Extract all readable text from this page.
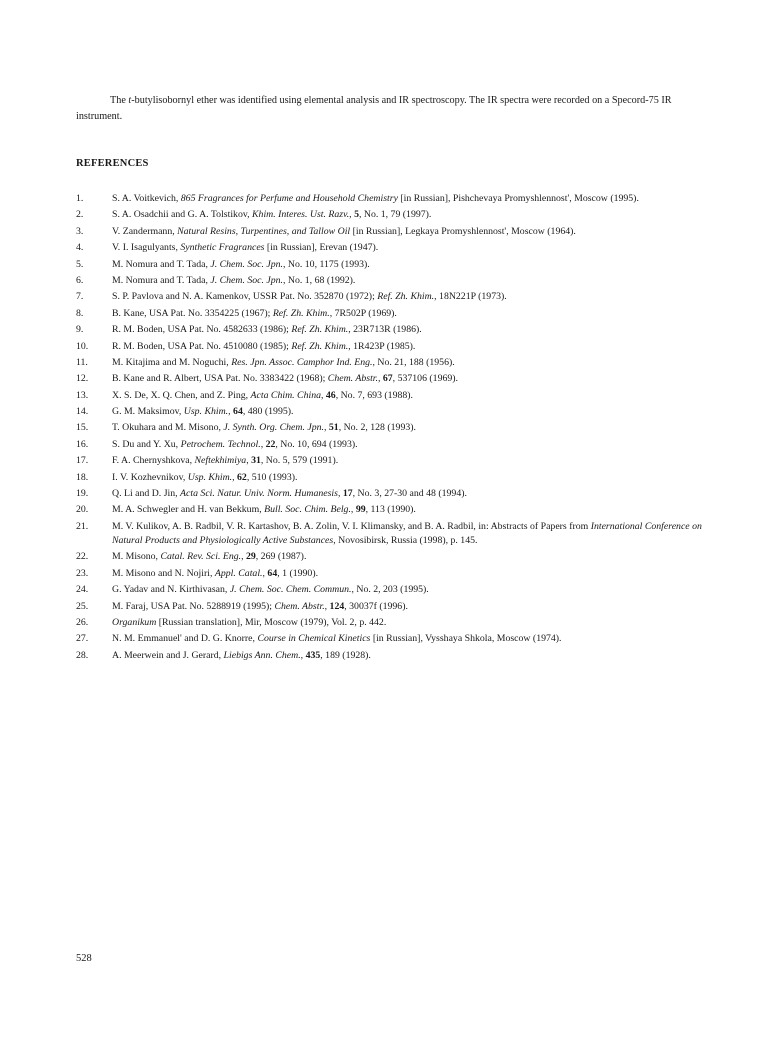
The t-butylisobornyl ether was identified using elemental analysis and IR spectroscopy. The IR spectra were recorded on a Specord-75 IR instrument.

REFERENCES
1.	S. A. Voitkevich, 865 Fragrances for Perfume and Household Chemistry [in Russian], Pishchevaya Promyshlennost', Moscow (1995).
2.	S. A. Osadchii and G. A. Tolstikov, Khim. Interes. Ust. Razv., 5, No. 1, 79 (1997).
3.	V. Zandermann, Natural Resins, Turpentines, and Tallow Oil [in Russian], Legkaya Promyshlennost', Moscow (1964).
4.	V. I. Isagulyants, Synthetic Fragrances [in Russian], Erevan (1947).
5.	M. Nomura and T. Tada, J. Chem. Soc. Jpn., No. 10, 1175 (1993).
6.	M. Nomura and T. Tada, J. Chem. Soc. Jpn., No. 1, 68 (1992).
7.	S. P. Pavlova and N. A. Kamenkov, USSR Pat. No. 352870 (1972); Ref. Zh. Khim., 18N221P (1973).
8.	B. Kane, USA Pat. No. 3354225 (1967); Ref. Zh. Khim., 7R502P (1969).
9.	R. M. Boden, USA Pat. No. 4582633 (1986); Ref. Zh. Khim., 23R713R (1986).
10.	R. M. Boden, USA Pat. No. 4510080 (1985); Ref. Zh. Khim., 1R423P (1985).
11.	M. Kitajima and M. Noguchi, Res. Jpn. Assoc. Camphor Ind. Eng., No. 21, 188 (1956).
12.	B. Kane and R. Albert, USA Pat. No. 3383422 (1968); Chem. Abstr., 67, 537106 (1969).
13.	X. S. De, X. Q. Chen, and Z. Ping, Acta Chim. China, 46, No. 7, 693 (1988).
14.	G. M. Maksimov, Usp. Khim., 64, 480 (1995).
15.	T. Okuhara and M. Misono, J. Synth. Org. Chem. Jpn., 51, No. 2, 128 (1993).
16.	S. Du and Y. Xu, Petrochem. Technol., 22, No. 10, 694 (1993).
17.	F. A. Chernyshkova, Neftekhimiya, 31, No. 5, 579 (1991).
18.	I. V. Kozhevnikov, Usp. Khim., 62, 510 (1993).
19.	Q. Li and D. Jin, Acta Sci. Natur. Univ. Norm. Humanesis, 17, No. 3, 27-30 and 48 (1994).
20.	M. A. Schwegler and H. van Bekkum, Bull. Soc. Chim. Belg., 99, 113 (1990).
21.	M. V. Kulikov, A. B. Radbil, V. R. Kartashov, B. A. Zolin, V. I. Klimansky, and B. A. Radbil, in: Abstracts of Papers from International Conference on Natural Products and Physiologically Active Substances, Novosibirsk, Russia (1998), p. 145.
22.	M. Misono, Catal. Rev. Sci. Eng., 29, 269 (1987).
23.	M. Misono and N. Nojiri, Appl. Catal., 64, 1 (1990).
24.	G. Yadav and N. Kirthivasan, J. Chem. Soc. Chem. Commun., No. 2, 203 (1995).
25.	M. Faraj, USA Pat. No. 5288919 (1995); Chem. Abstr., 124, 30037f (1996).
26.	Organikum [Russian translation], Mir, Moscow (1979), Vol. 2, p. 442.
27.	N. M. Emmanuel' and D. G. Knorre, Course in Chemical Kinetics [in Russian], Vysshaya Shkola, Moscow (1974).
28.	A. Meerwein and J. Gerard, Liebigs Ann. Chem., 435, 189 (1928).
528
